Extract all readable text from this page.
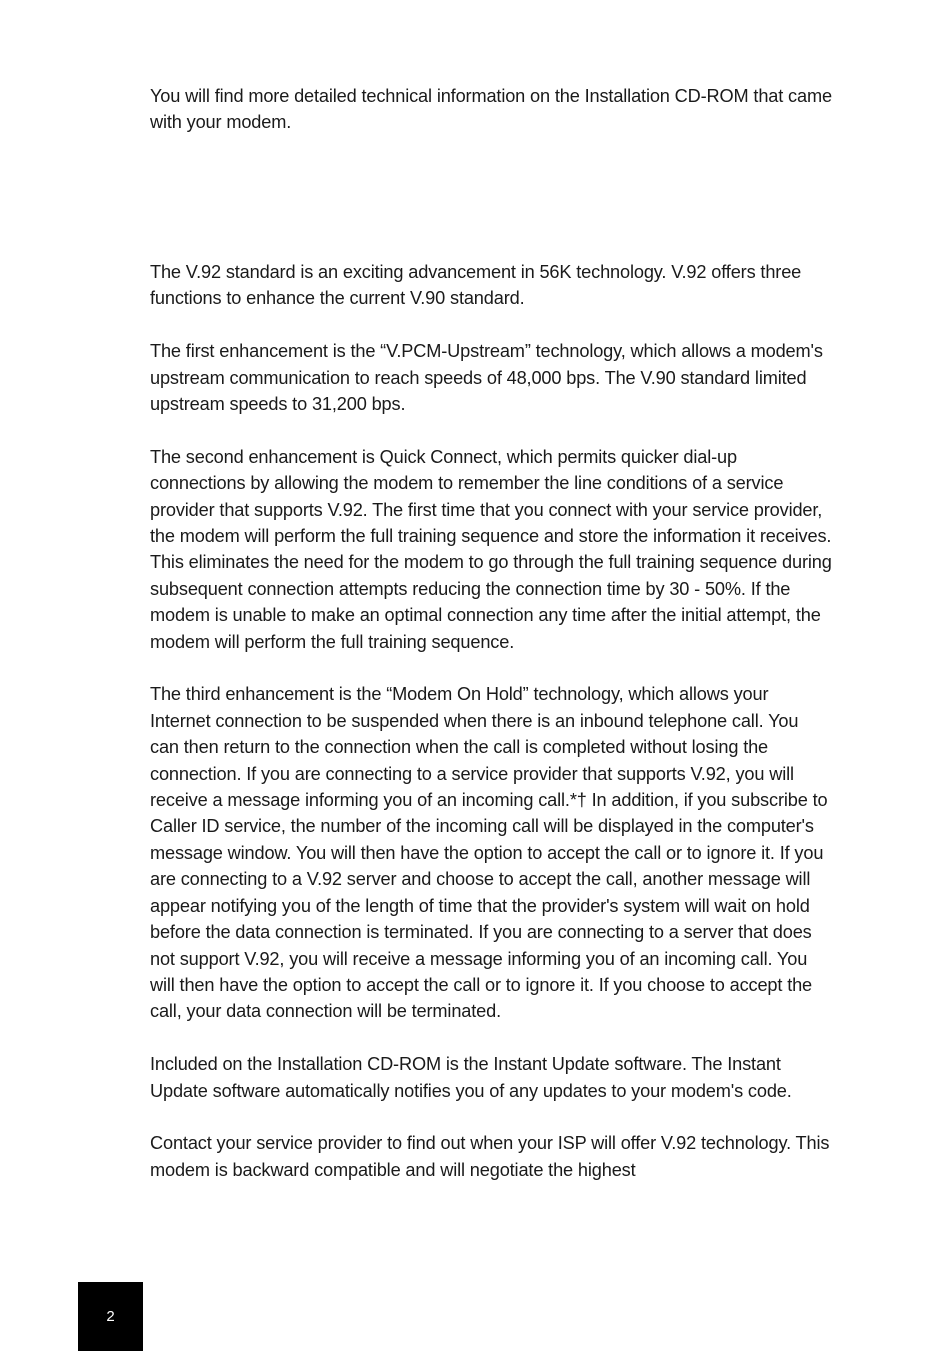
You will find more detailed technical information on the Installation CD-ROM that came with your modem.

The V.92 standard is an exciting advancement in 56K technology. V.92 offers three functions to enhance the current V.90 standard.

The first enhancement is the “V.PCM-Upstream” technology, which allows a modem's upstream communication to reach speeds of 48,000 bps. The V.90 standard limited upstream speeds to 31,200 bps.

The second enhancement is Quick Connect, which permits quicker dial-up connections by allowing the modem to remember the line conditions of a service provider that supports V.92. The first time that you connect with your service provider, the modem will perform the full training sequence and store the information it receives. This eliminates the need for the modem to go through the full training sequence during subsequent connection attempts reducing the connection time by 30 - 50%. If the modem is unable to make an optimal connection any time after the initial attempt, the modem will perform the full training sequence.

The third enhancement is the “Modem On Hold” technology, which allows your Internet connection to be suspended when there is an inbound telephone call. You can then return to the connection when the call is completed without losing the connection. If you are connecting to a service provider that supports V.92, you will receive a message informing you of an incoming call.*† In addition, if you subscribe to Caller ID service, the number of the incoming call will be displayed in the computer's message window. You will then have the option to accept the call or to ignore it. If you are connecting to a V.92 server and choose to accept the call, another message will appear notifying you of the length of time that the provider's system will wait on hold before the data connection is terminated. If you are connecting to a server that does not support V.92, you will receive a message informing you of an incoming call. You will then have the option to accept the call or to ignore it. If you choose to accept the call, your data connection will be terminated.

Included on the Installation CD-ROM is the Instant Update software. The Instant Update software automatically notifies you of any updates to your modem's code.

Contact your service provider to find out when your ISP will offer V.92 technology. This modem is backward compatible and will negotiate the highest

2
